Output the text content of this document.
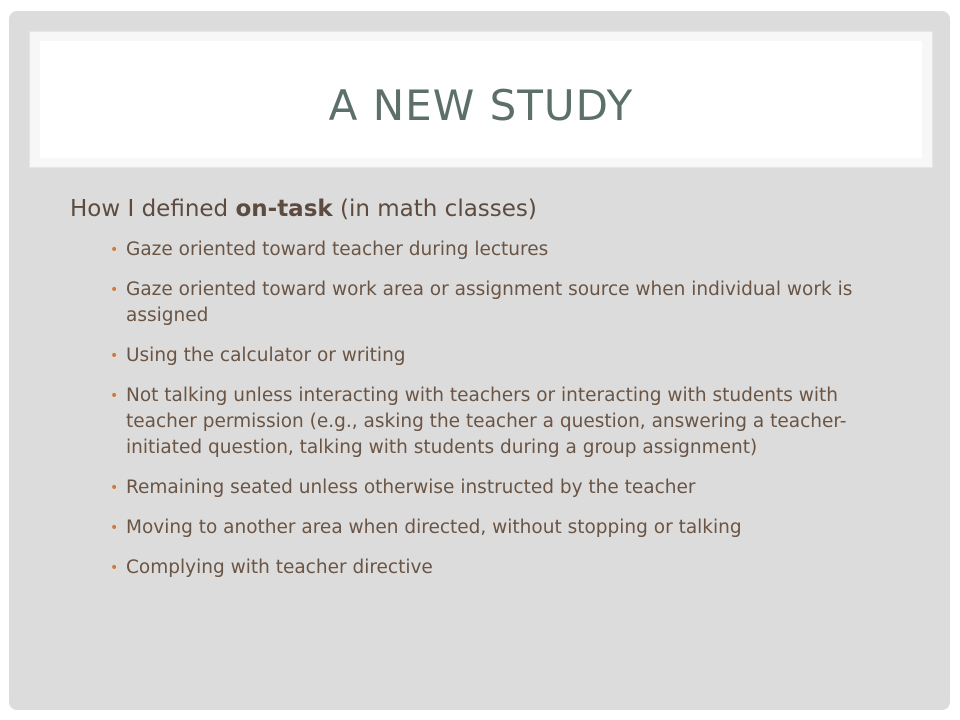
A NEW STUDY

How I defined on-task (in math classes)

• Gaze oriented toward teacher during lectures
• Gaze oriented toward work area or assignment source when individual work is assigned
• Using the calculator or writing
• Not talking unless interacting with teachers or interacting with students with teacher permission (e.g., asking the teacher a question, answering a teacher-initiated question, talking with students during a group assignment)
• Remaining seated unless otherwise instructed by the teacher
• Moving to another area when directed, without stopping or talking
• Complying with teacher directive
